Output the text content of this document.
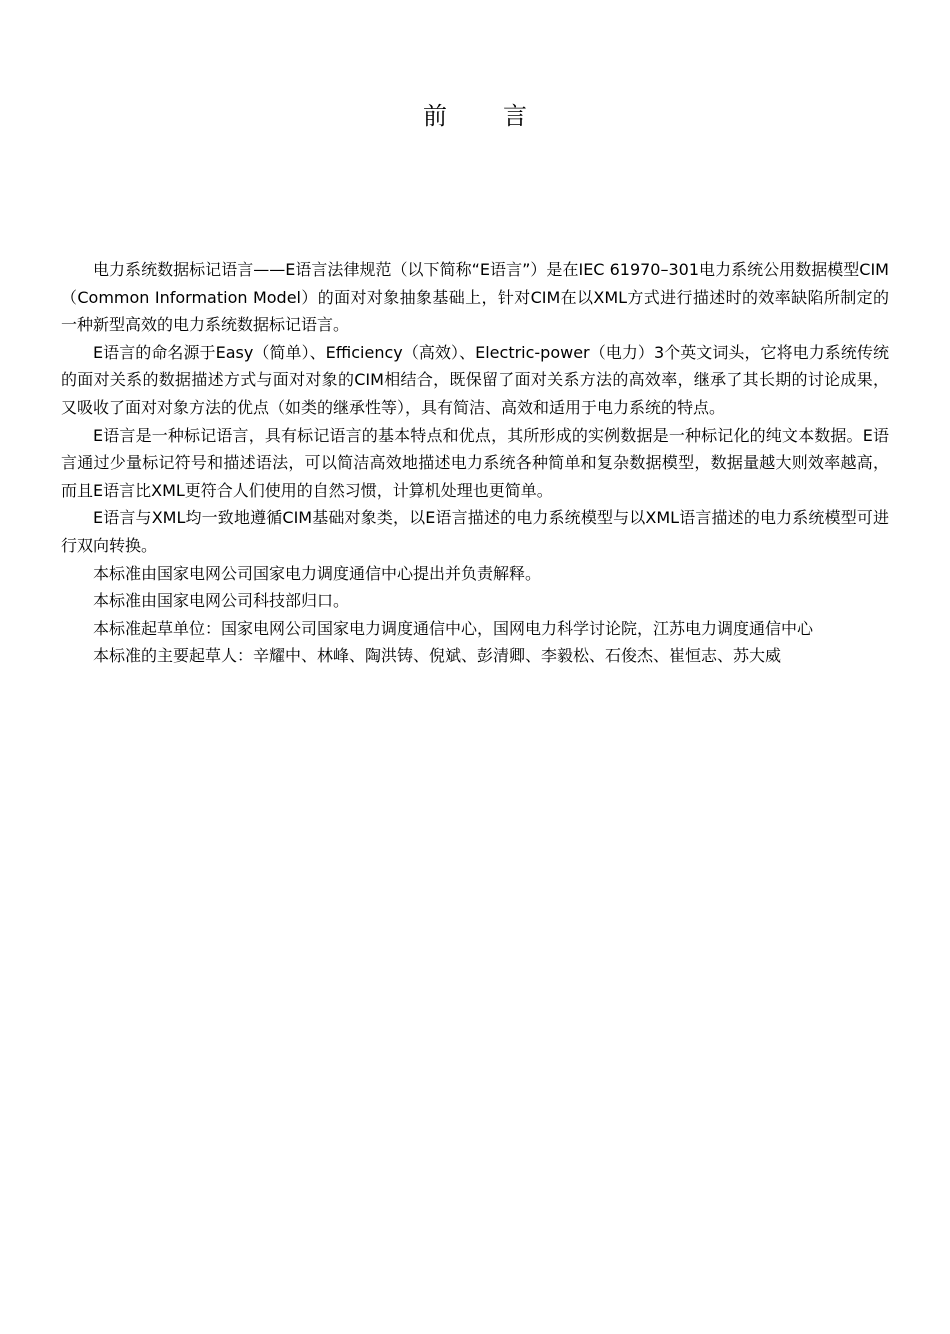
前言

电力系统数据标记语言——E语言法律规范（以下简称“E语言”）是在IEC 61970–301电力系统公用数据模型CIM（Common Information Model）的面对对象抽象基础上，针对CIM在以XML方式进行描述时的效率缺陷所制定的一种新型高效的电力系统数据标记语言。

E语言的命名源于Easy（简单）、Efficiency（高效）、Electric-power（电力）3个英文词头，它将电力系统传统的面对关系的数据描述方式与面对对象的CIM相结合，既保留了面对关系方法的高效率，继承了其长期的讨论成果，又吸收了面对对象方法的优点（如类的继承性等），具有简洁、高效和适用于电力系统的特点。

E语言是一种标记语言，具有标记语言的基本特点和优点，其所形成的实例数据是一种标记化的纯文本数据。E语言通过少量标记符号和描述语法，可以简洁高效地描述电力系统各种简单和复杂数据模型，数据量越大则效率越高，而且E语言比XML更符合人们使用的自然习惯，计算机处理也更简单。

E语言与XML均一致地遵循CIM基础对象类，以E语言描述的电力系统模型与以XML语言描述的电力系统模型可进行双向转换。

本标准由国家电网公司国家电力调度通信中心提出并负责解释。

本标准由国家电网公司科技部归口。

本标准起草单位：国家电网公司国家电力调度通信中心，国网电力科学讨论院，江苏电力调度通信中心

本标准的主要起草人：辛耀中、林峰、陶洪铸、倪斌、彭清卿、李毅松、石俊杰、崔恒志、苏大威
